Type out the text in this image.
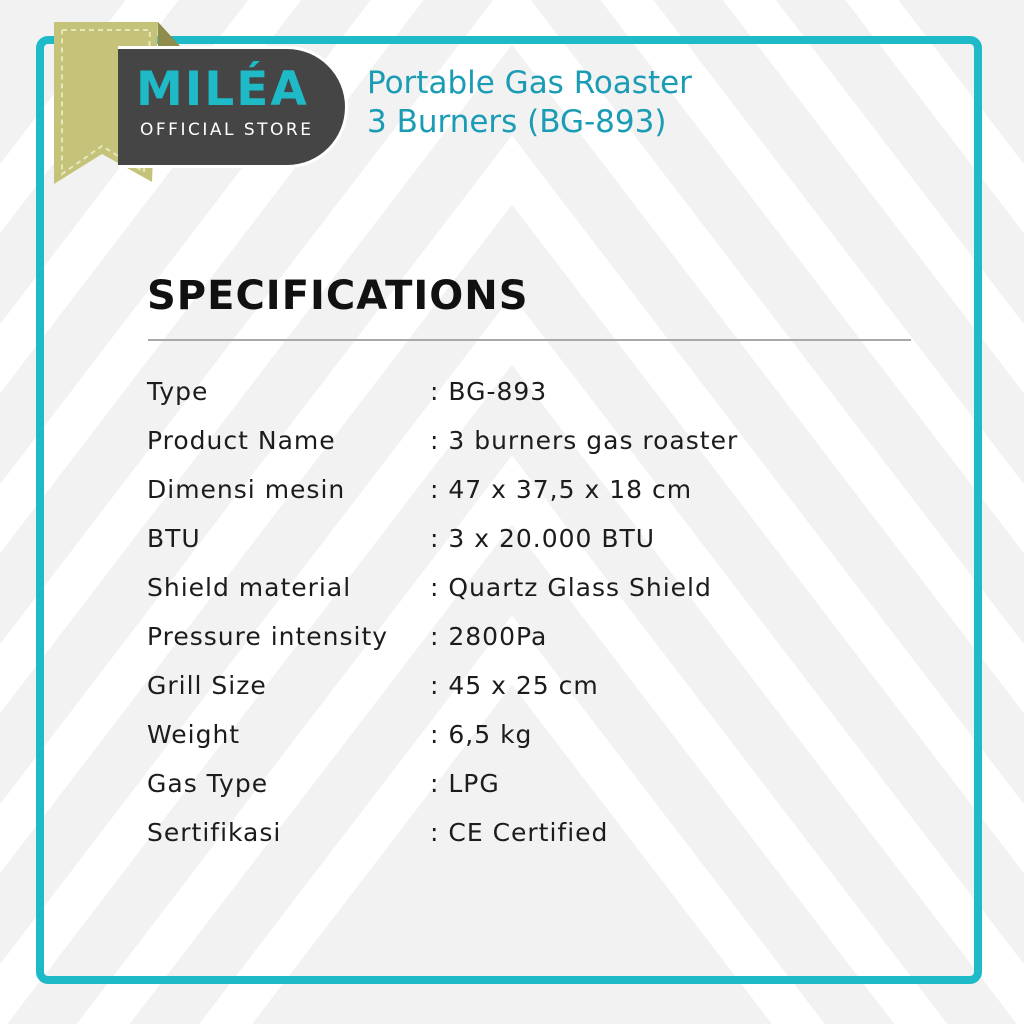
MILÉA
OFFICIAL STORE
Portable Gas Roaster
3 Burners (BG-893)
SPECIFICATIONS
Type	: BG-893
Product Name	: 3 burners gas roaster
Dimensi mesin	: 47 x 37,5 x 18 cm
BTU	: 3 x 20.000 BTU
Shield material	: Quartz Glass Shield
Pressure intensity	: 2800Pa
Grill Size	: 45 x 25 cm
Weight	: 6,5 kg
Gas Type	: LPG
Sertifikasi	: CE Certified
